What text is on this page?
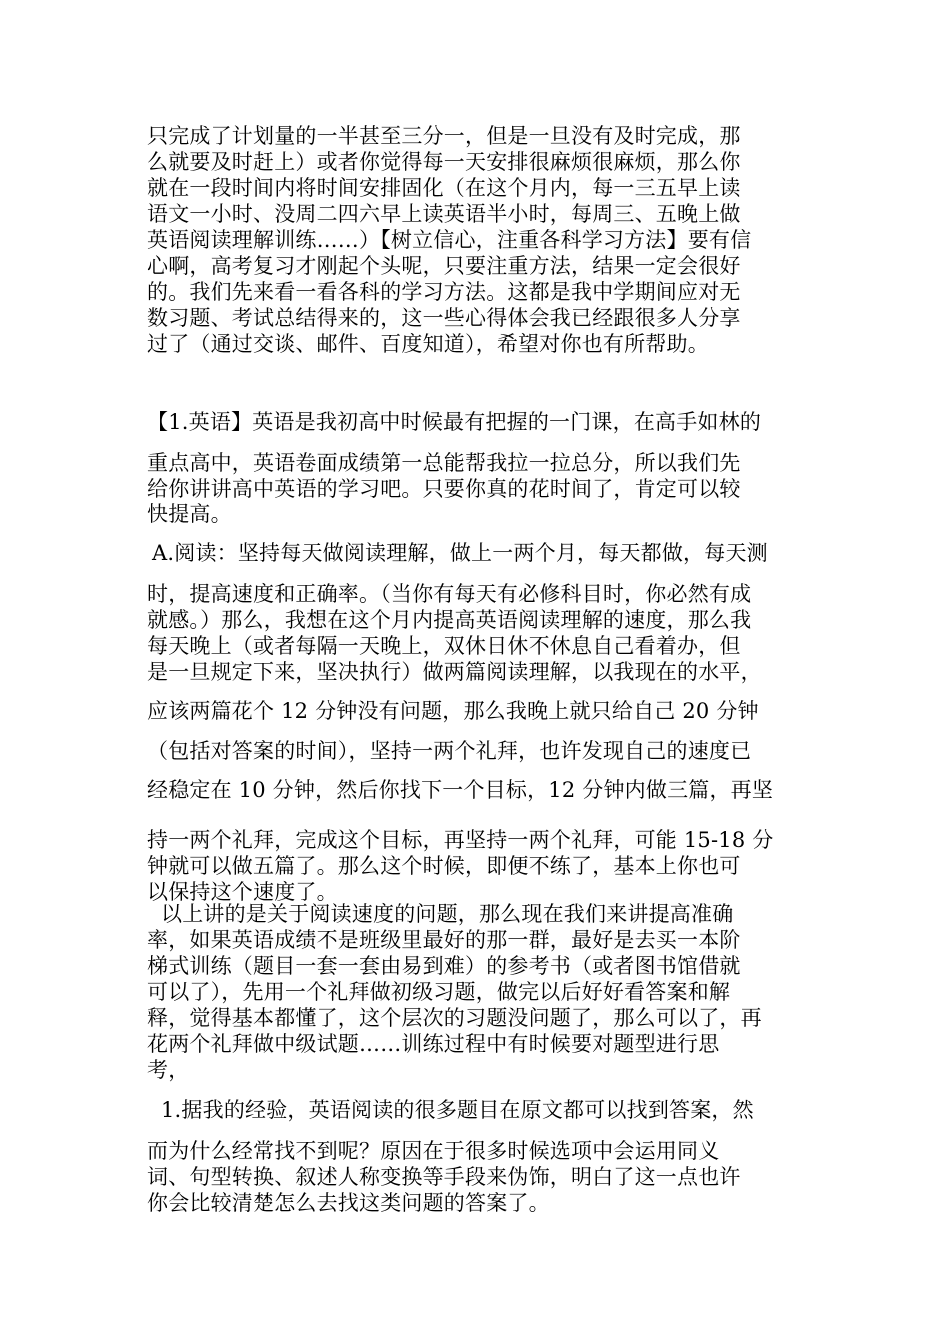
只完成了计划量的一半甚至三分一，但是一旦没有及时完成，那
么就要及时赶上）或者你觉得每一天安排很麻烦很麻烦，那么你
就在一段时间内将时间安排固化（在这个月内，每一三五早上读
语文一小时、没周二四六早上读英语半小时，每周三、五晚上做
英语阅读理解训练……）【树立信心，注重各科学习方法】要有信
心啊，高考复习才刚起个头呢，只要注重方法，结果一定会很好
的。我们先来看一看各科的学习方法。这都是我中学期间应对无
数习题、考试总结得来的，这一些心得体会我已经跟很多人分享
过了（通过交谈、邮件、百度知道），希望对你也有所帮助。
【1.英语】英语是我初高中时候最有把握的一门课，在高手如林的
重点高中，英语卷面成绩第一总能帮我拉一拉总分，所以我们先
给你讲讲高中英语的学习吧。只要你真的花时间了，肯定可以较
快提高。
A.阅读：坚持每天做阅读理解，做上一两个月，每天都做，每天测
时，提高速度和正确率。（当你有每天有必修科目时，你必然有成
就感。）那么，我想在这个月内提高英语阅读理解的速度，那么我
每天晚上（或者每隔一天晚上，双休日休不休息自己看着办，但
是一旦规定下来，坚决执行）做两篇阅读理解，以我现在的水平，
应该两篇花个 12 分钟没有问题，那么我晚上就只给自己 20 分钟
（包括对答案的时间），坚持一两个礼拜，也许发现自己的速度已
经稳定在 10 分钟，然后你找下一个目标，12 分钟内做三篇，再坚
持一两个礼拜，完成这个目标，再坚持一两个礼拜，可能 15-18 分
钟就可以做五篇了。那么这个时候，即便不练了，基本上你也可
以保持这个速度了。
以上讲的是关于阅读速度的问题，那么现在我们来讲提高准确
率，如果英语成绩不是班级里最好的那一群，最好是去买一本阶
梯式训练（题目一套一套由易到难）的参考书（或者图书馆借就
可以了），先用一个礼拜做初级习题，做完以后好好看答案和解
释，觉得基本都懂了，这个层次的习题没问题了，那么可以了，再
花两个礼拜做中级试题……训练过程中有时候要对题型进行思
考，
1.据我的经验，英语阅读的很多题目在原文都可以找到答案，然
而为什么经常找不到呢？原因在于很多时候选项中会运用同义
词、句型转换、叙述人称变换等手段来伪饰，明白了这一点也许
你会比较清楚怎么去找这类问题的答案了。
